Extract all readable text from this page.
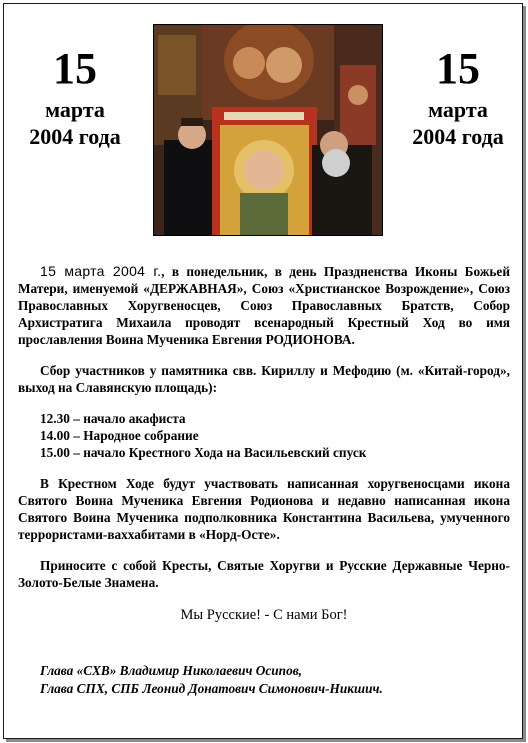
15
марта
2004 года
15
марта
2004 года

15 марта 2004 г., в понедельник, в день Праздненства Иконы Божьей Матери, именуемой «ДЕРЖАВНАЯ», Союз «Христианское Возрождение», Союз Православных Хоругвеносцев, Союз Православных Братств, Собор Архистратига Михаила проводят всенародный Крестный Ход во имя прославления Воина Мученика Евгения РОДИОНОВА.

Сбор участников у памятника свв. Кириллу и Мефодию (м. «Китай-город», выход на Славянскую площадь):

12.30 – начало акафиста
14.00 – Народное собрание
15.00 – начало Крестного Хода на Васильевский спуск

В Крестном Ходе будут участвовать написанная хоругвеносцами икона Святого Воина Мученика Евгения Родионова и недавно написанная икона Святого Воина Мученика подполковника Константина Васильева, умученного террористами-ваххабитами в «Норд-Осте».

Приносите с собой Кресты, Святые Хоругви и Русские Державные Черно-Золото-Белые Знамена.

Мы Русские! - С нами Бог!

Глава «СХВ» Владимир Николаевич Осипов,
Глава СПХ, СПБ Леонид Донатович Симонович-Никшич.
